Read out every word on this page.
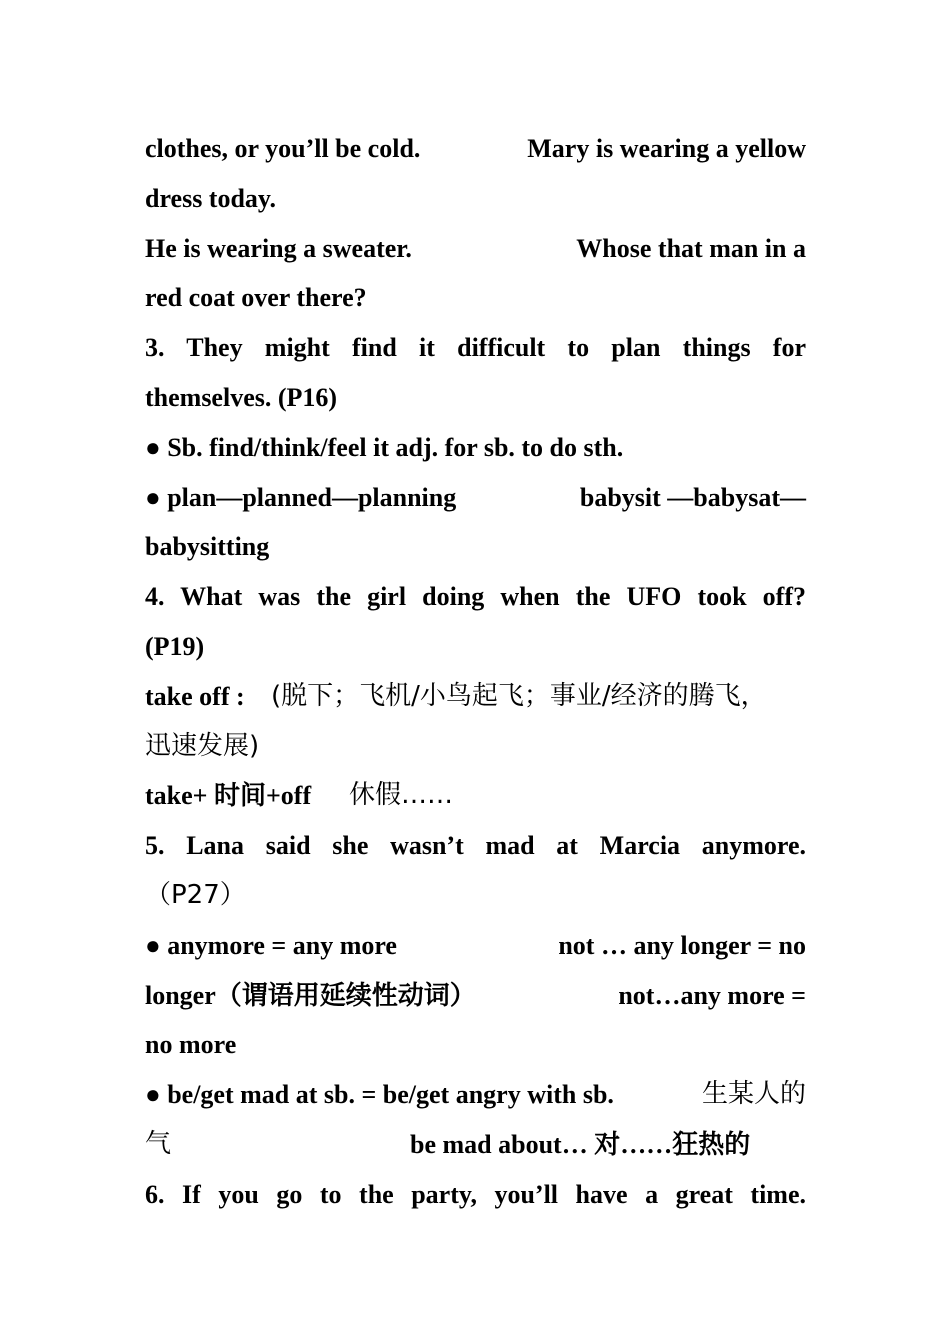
clothes, or you’ll be cold.	Mary is wearing a yellow
dress today.
He is wearing a sweater.	Whose that man in a
red coat over there?
3. They might find it difficult to plan things for
themselves. (P16)
● Sb. find/think/feel it adj. for sb. to do sth.
● plan—planned—planning	babysit —babysat—
babysitting
4. What was the girl doing when the UFO took off?
(P19)
take off : (脱下；飞机/小鸟起飞；事业/经济的腾飞，
迅速发展)
take+ 时间+off 休假……
5. Lana said she wasn’t mad at Marcia anymore.
（P27）
● anymore = any more	not … any longer = no
longer（谓语用延续性动词）	not…any more =
no more
● be/get mad at sb. = be/get angry with sb.	生某人的
气	be mad about… 对……狂热的
6. If you go to the party, you’ll have a great time.
